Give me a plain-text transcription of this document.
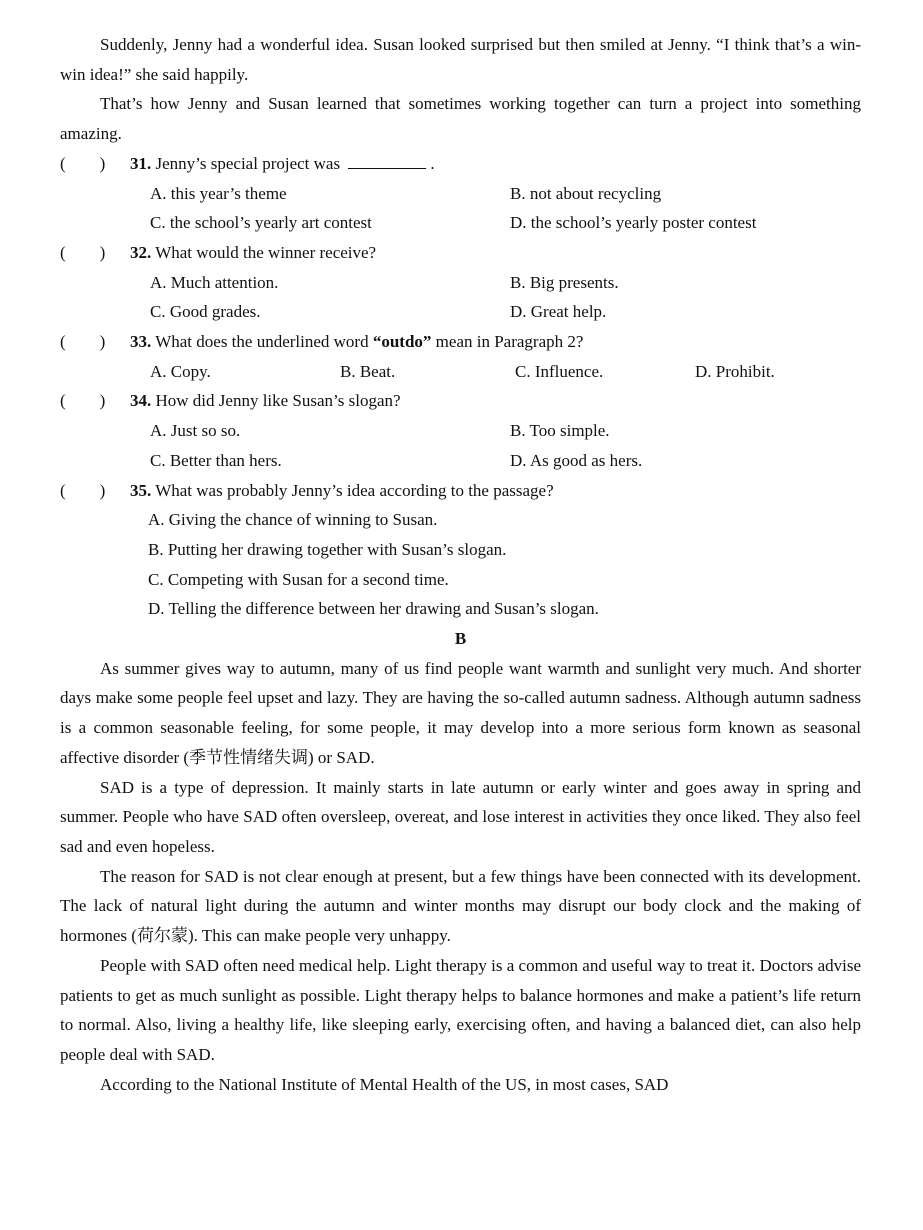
Suddenly, Jenny had a wonderful idea. Susan looked surprised but then smiled at Jenny. “I think that’s a win-win idea!” she said happily.

That’s how Jenny and Susan learned that sometimes working together can turn a project into something amazing.

(        )	31. Jenny’s special project was	.
A. this year’s theme	B. not about recycling
C. the school’s yearly art contest	D. the school’s yearly poster contest
(        )	32. What would the winner receive?
A. Much attention.	B. Big presents.
C. Good grades.	D. Great help.
(        )	33. What does the underlined word “outdo” mean in Paragraph 2?
A. Copy.	B. Beat.	C. Influence.	D. Prohibit.
(        )	34. How did Jenny like Susan’s slogan?
A. Just so so.	B. Too simple.
C. Better than hers.	D. As good as hers.
(        )	35. What was probably Jenny’s idea according to the passage?
A. Giving the chance of winning to Susan.
B. Putting her drawing together with Susan’s slogan.
C. Competing with Susan for a second time.
D. Telling the difference between her drawing and Susan’s slogan.
B

As summer gives way to autumn, many of us find people want warmth and sunlight very much. And shorter days make some people feel upset and lazy. They are having the so-called autumn sadness. Although autumn sadness is a common seasonable feeling, for some people, it may develop into a more serious form known as seasonal affective disorder (季节性情绪失调) or SAD.

SAD is a type of depression. It mainly starts in late autumn or early winter and goes away in spring and summer. People who have SAD often oversleep, overeat, and lose interest in activities they once liked. They also feel sad and even hopeless.

The reason for SAD is not clear enough at present, but a few things have been connected with its development. The lack of natural light during the autumn and winter months may disrupt our body clock and the making of hormones (荷尔蒙). This can make people very unhappy.

People with SAD often need medical help. Light therapy is a common and useful way to treat it. Doctors advise patients to get as much sunlight as possible. Light therapy helps to balance hormones and make a patient’s life return to normal. Also, living a healthy life, like sleeping early, exercising often, and having a balanced diet, can also help people deal with SAD.

According to the National Institute of Mental Health of the US, in most cases, SAD
